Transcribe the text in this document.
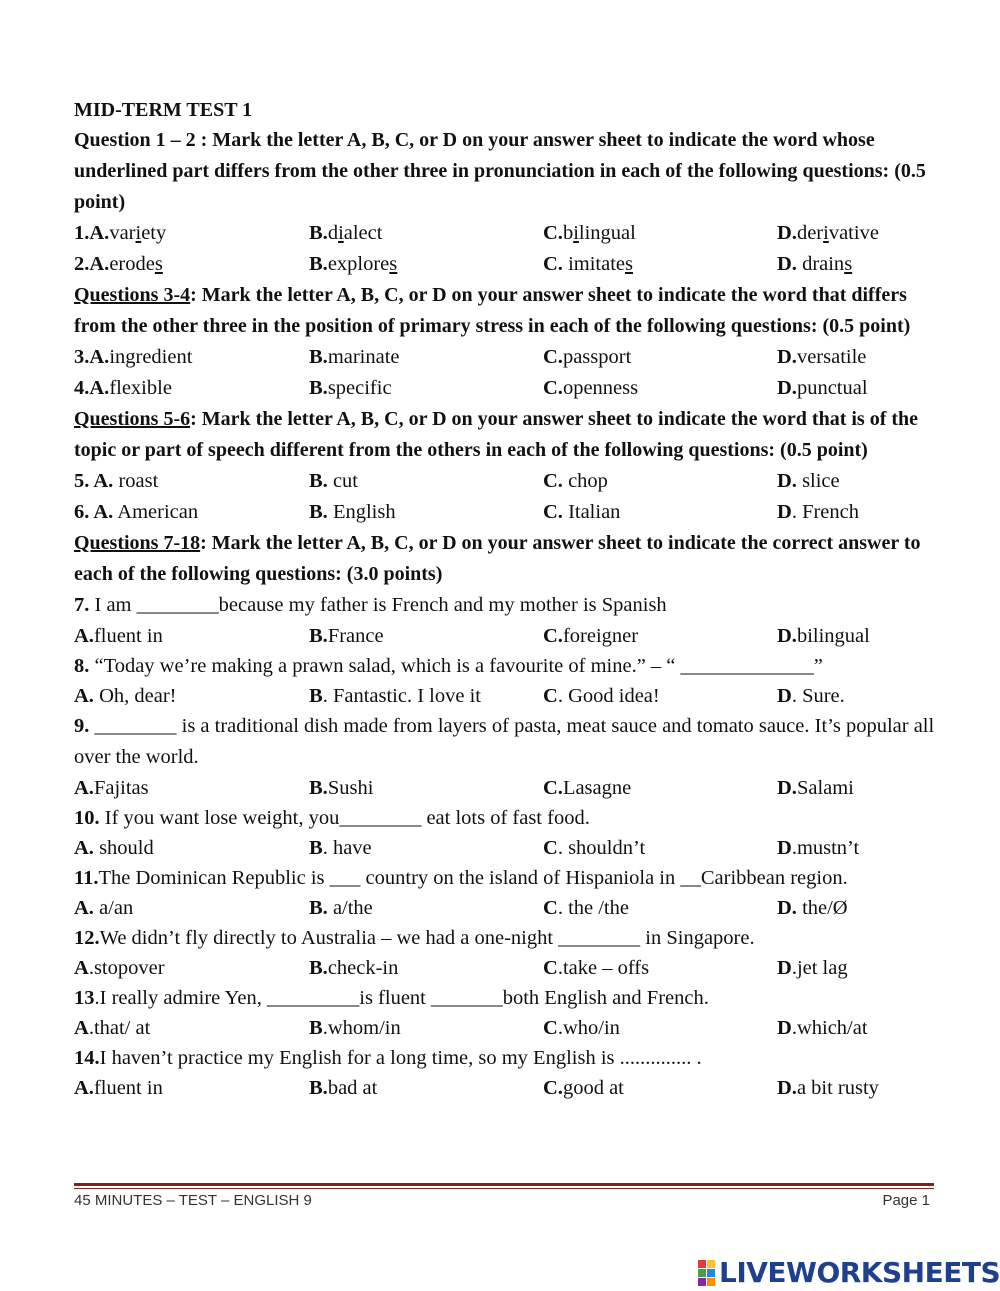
MID-TERM TEST 1
Question 1 – 2 : Mark the letter A, B, C, or D on your answer sheet to indicate the word whose underlined part differs from the other three in pronunciation in each of the following questions: (0.5 point)
1.A.variety	B.dialect	C.bilingual	D.derivative
2.A.erodes	B.explores	C. imitates	D. drains
Questions 3-4: Mark the letter A, B, C, or D on your answer sheet to indicate the word that differs from the other three in the position of primary stress in each of the following questions: (0.5 point)
3.A.ingredient	B.marinate	C.passport	D.versatile
4.A.flexible	B.specific	C.openness	D.punctual
Questions 5-6: Mark the letter A, B, C, or D on your answer sheet to indicate the word that is of the topic or part of speech different from the others in each of the following questions: (0.5 point)
5. A. roast	B. cut	C. chop	D. slice
6. A. American	B. English	C. Italian	D. French
Questions 7-18: Mark the letter A, B, C, or D on your answer sheet to indicate the correct answer to each of the following questions: (3.0 points)
7. I am ________because my father is French and my mother is Spanish
A.fluent in	B.France	C.foreigner	D.bilingual
8. “Today we’re making a prawn salad, which is a favourite of mine.” – “ _____________”
A. Oh, dear!	B. Fantastic. I love it	C. Good idea!	D. Sure.
9. ________ is a traditional dish made from layers of pasta, meat sauce and tomato sauce. It’s popular all over the world.
A.Fajitas	B.Sushi	C.Lasagne	D.Salami
10. If you want lose weight, you________ eat lots of fast food.
A. should	B. have	C. shouldn’t	D.mustn’t
11.The Dominican Republic is ___ country on the island of Hispaniola in __Caribbean region.
A. a/an	B. a/the	C. the /the	D. the/Ø
12.We didn’t fly directly to Australia – we had a one-night ________ in Singapore.
A.stopover	B.check-in	C.take – offs	D.jet lag
13.I really admire Yen, _________is fluent _______both English and French.
A.that/ at	B.whom/in	C.who/in	D.which/at
14.I haven’t practice my English for a long time, so my English is .............. .
A.fluent in	B.bad at	C.good at	D.a bit rusty
45 MINUTES – TEST – ENGLISH 9	Page 1
LIVEWORKSHEETS
